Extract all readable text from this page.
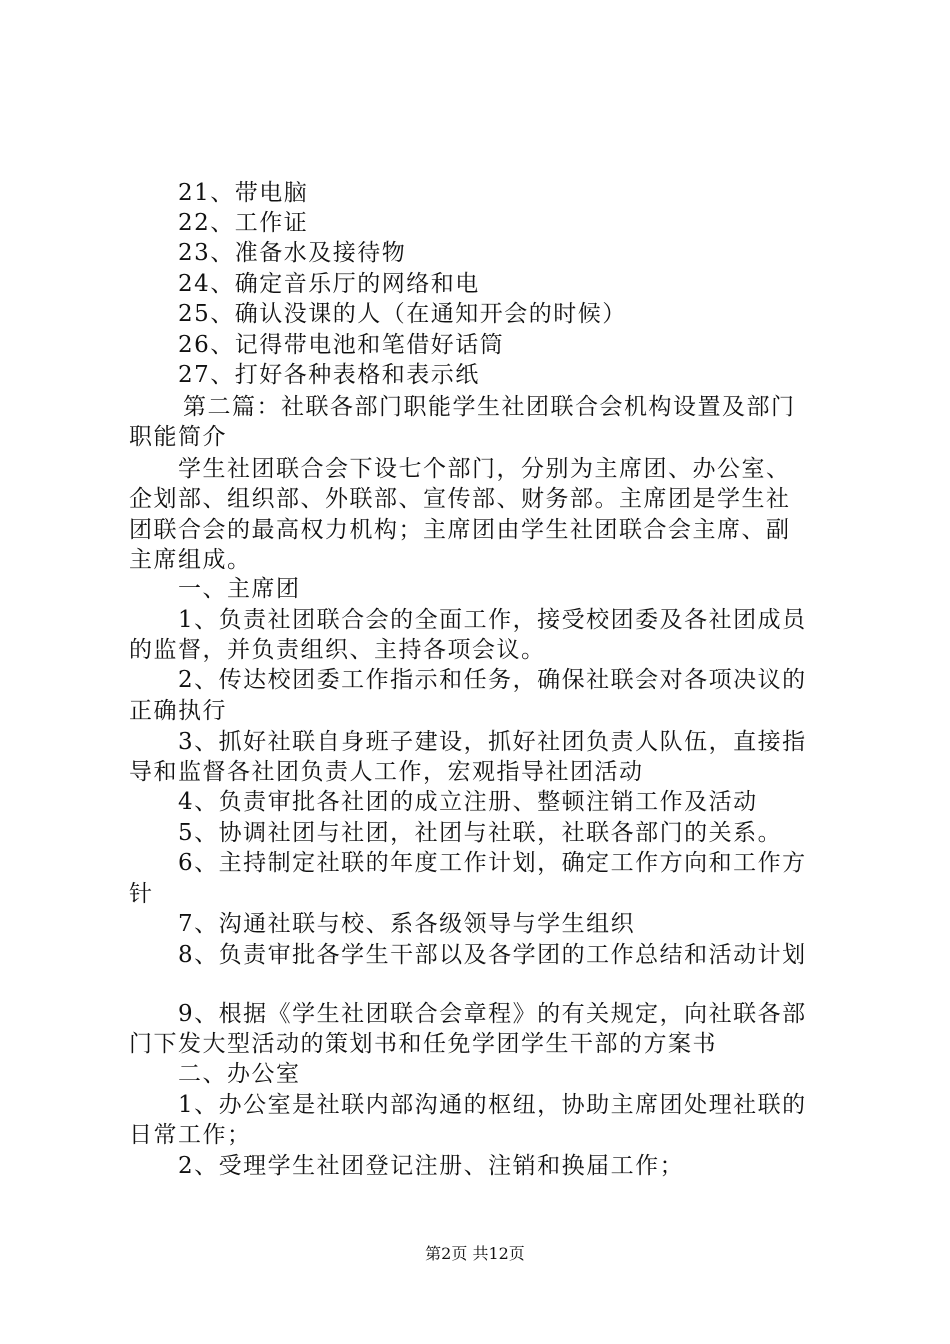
21、带电脑
22、工作证
23、准备水及接待物
24、确定音乐厅的网络和电
25、确认没课的人（在通知开会的时候）
26、记得带电池和笔借好话筒
27、打好各种表格和表示纸
第二篇：社联各部门职能学生社团联合会机构设置及部门
职能简介
学生社团联合会下设七个部门，分别为主席团、办公室、
企划部、组织部、外联部、宣传部、财务部。主席团是学生社
团联合会的最高权力机构；主席团由学生社团联合会主席、副
主席组成。
一、主席团
1、负责社团联合会的全面工作，接受校团委及各社团成员
的监督，并负责组织、主持各项会议。
2、传达校团委工作指示和任务，确保社联会对各项决议的
正确执行
3、抓好社联自身班子建设，抓好社团负责人队伍，直接指
导和监督各社团负责人工作，宏观指导社团活动
4、负责审批各社团的成立注册、整顿注销工作及活动
5、协调社团与社团，社团与社联，社联各部门的关系。
6、主持制定社联的年度工作计划，确定工作方向和工作方
针
7、沟通社联与校、系各级领导与学生组织
8、负责审批各学生干部以及各学团的工作总结和活动计划
9、根据《学生社团联合会章程》的有关规定，向社联各部
门下发大型活动的策划书和任免学团学生干部的方案书
二、办公室
1、办公室是社联内部沟通的枢纽，协助主席团处理社联的
日常工作；
2、受理学生社团登记注册、注销和换届工作；
第2页 共12页
